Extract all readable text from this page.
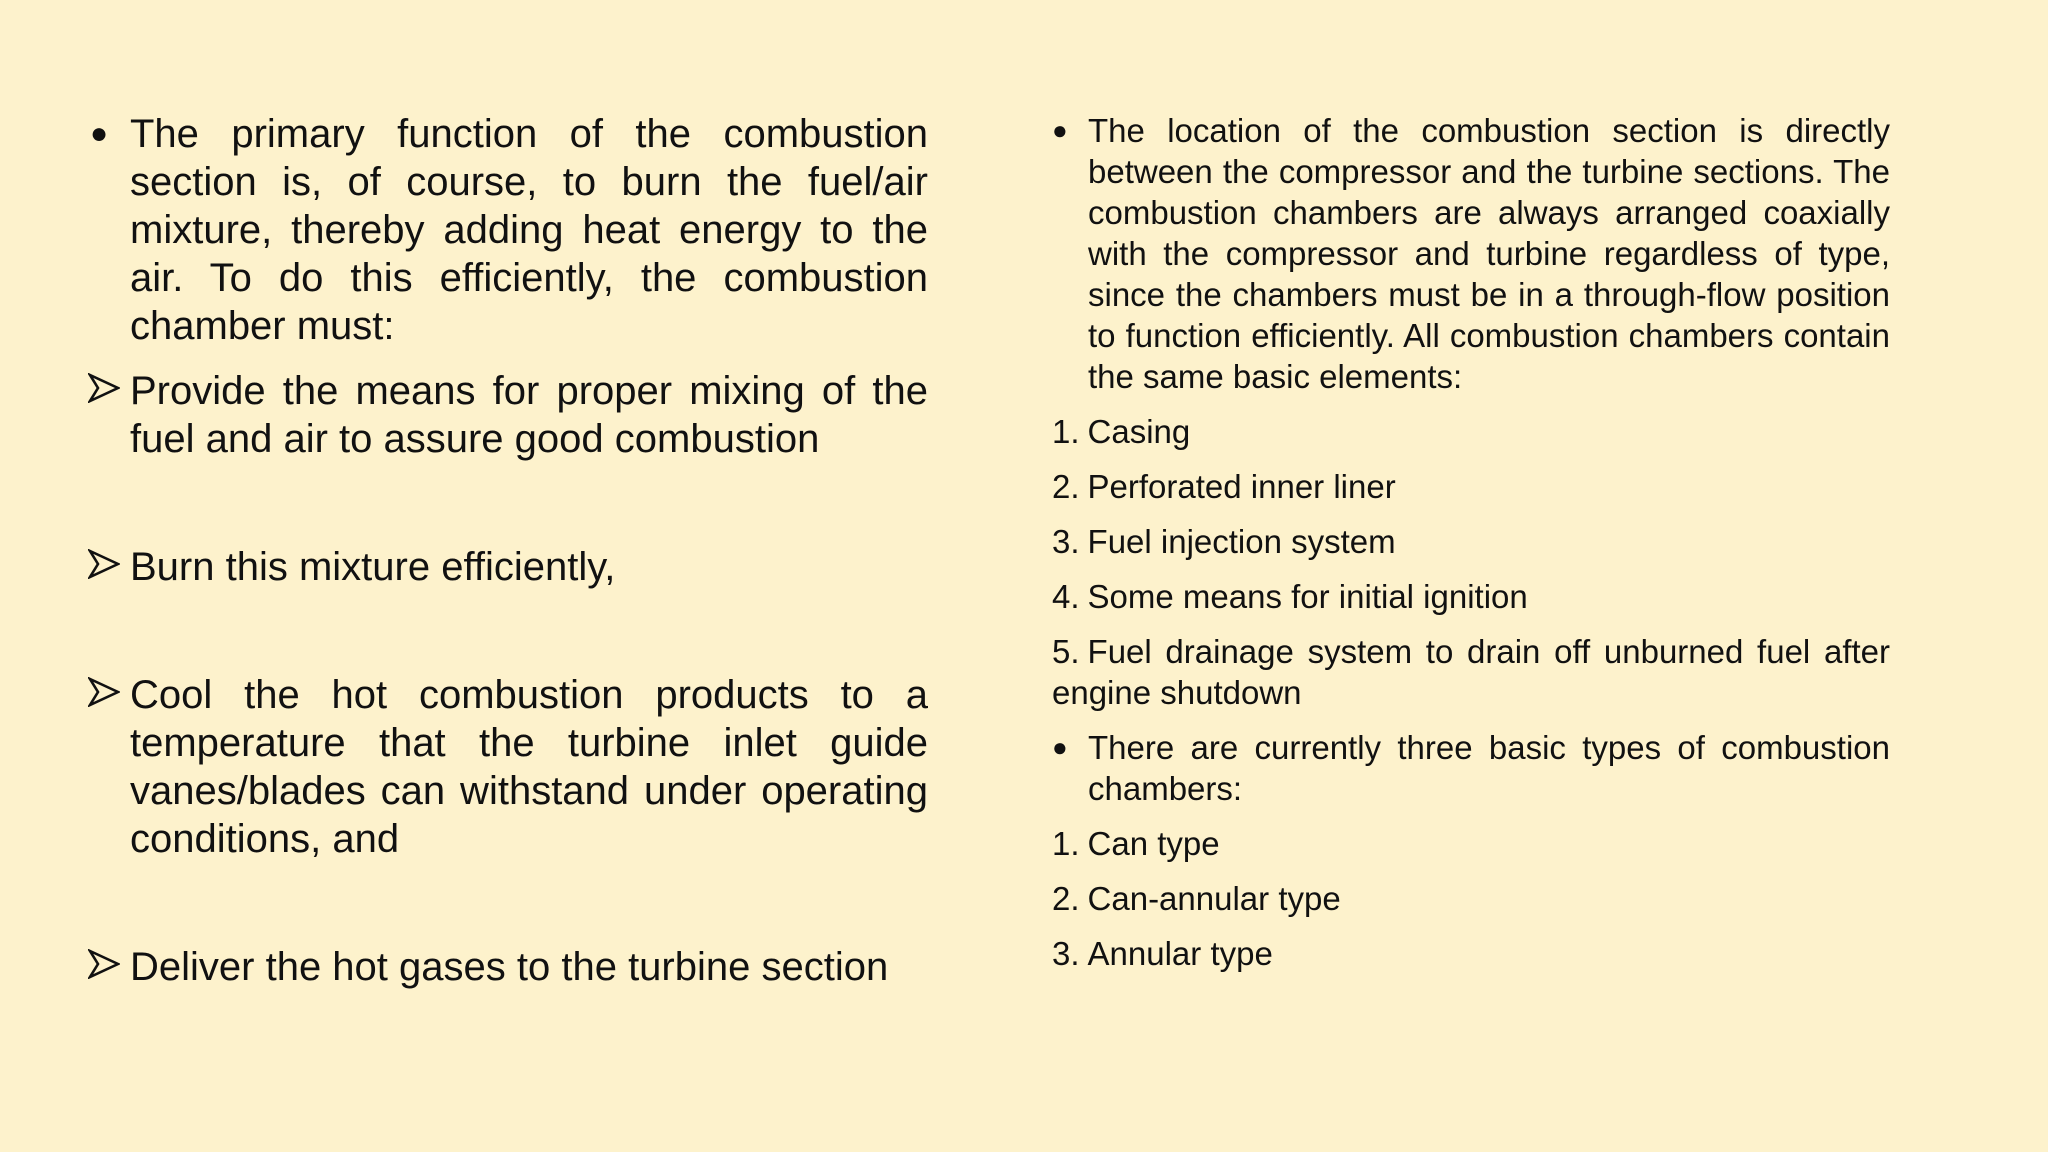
● The primary function of the combustion section is, of course, to burn the fuel/air mixture, thereby adding heat energy to the air. To do this efficiently, the combustion chamber must:
Provide the means for proper mixing of the fuel and air to assure good combustion
Burn this mixture efficiently,
Cool the hot combustion products to a temperature that the turbine inlet guide vanes/blades can withstand under operating conditions, and
Deliver the hot gases to the turbine section
● The location of the combustion section is directly between the compressor and the turbine sections. The combustion chambers are always arranged coaxially with the compressor and turbine regardless of type, since the chambers must be in a through-flow position to function efficiently. All combustion chambers contain the same basic elements:
1. Casing
2. Perforated inner liner
3. Fuel injection system
4. Some means for initial ignition
5. Fuel drainage system to drain off unburned fuel after engine shutdown
● There are currently three basic types of combustion chambers:
1. Can type
2. Can-annular type
3. Annular type
